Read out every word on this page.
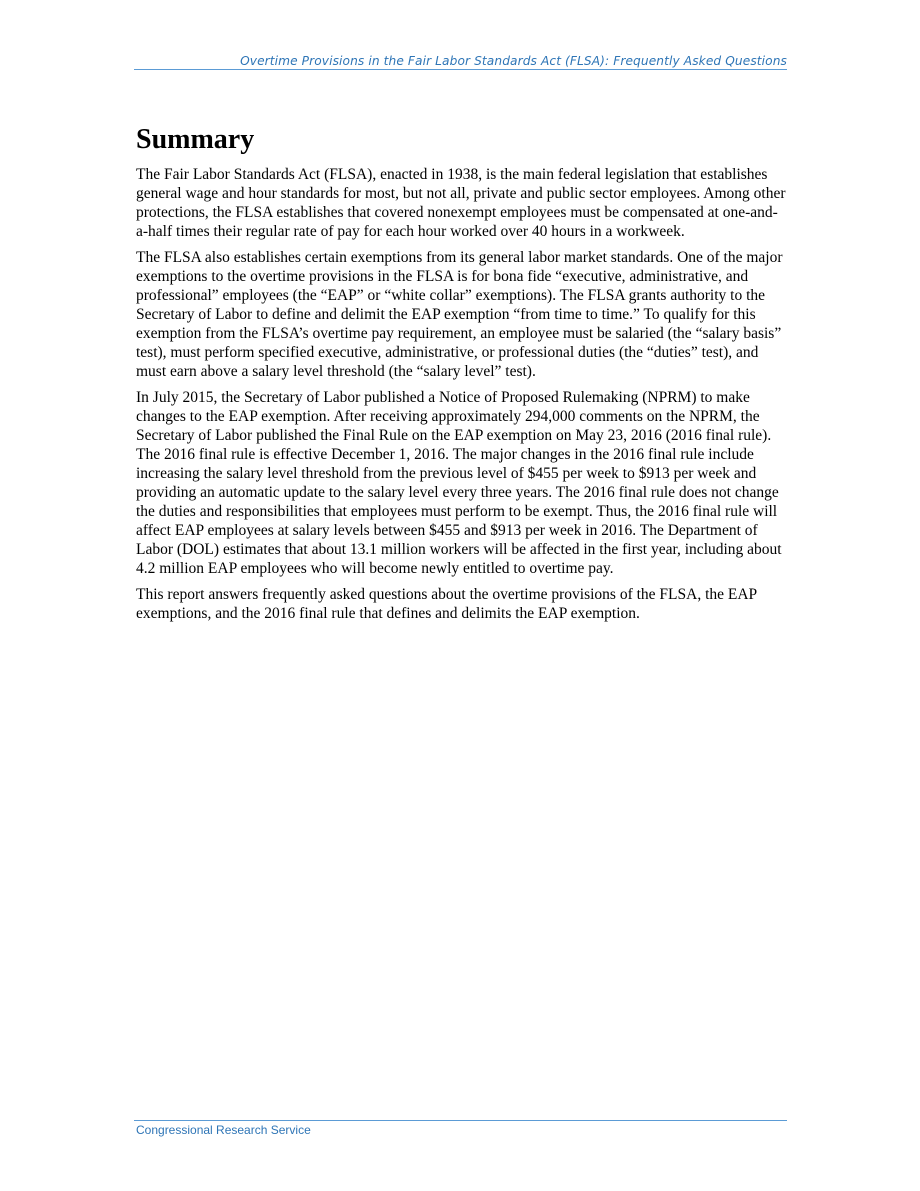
Overtime Provisions in the Fair Labor Standards Act (FLSA): Frequently Asked Questions
Summary

The Fair Labor Standards Act (FLSA), enacted in 1938, is the main federal legislation that establishes general wage and hour standards for most, but not all, private and public sector employees. Among other protections, the FLSA establishes that covered nonexempt employees must be compensated at one-and-a-half times their regular rate of pay for each hour worked over 40 hours in a workweek.

The FLSA also establishes certain exemptions from its general labor market standards. One of the major exemptions to the overtime provisions in the FLSA is for bona fide “executive, administrative, and professional” employees (the “EAP” or “white collar” exemptions). The FLSA grants authority to the Secretary of Labor to define and delimit the EAP exemption “from time to time.” To qualify for this exemption from the FLSA’s overtime pay requirement, an employee must be salaried (the “salary basis” test), must perform specified executive, administrative, or professional duties (the “duties” test), and must earn above a salary level threshold (the “salary level” test).

In July 2015, the Secretary of Labor published a Notice of Proposed Rulemaking (NPRM) to make changes to the EAP exemption. After receiving approximately 294,000 comments on the NPRM, the Secretary of Labor published the Final Rule on the EAP exemption on May 23, 2016 (2016 final rule). The 2016 final rule is effective December 1, 2016. The major changes in the 2016 final rule include increasing the salary level threshold from the previous level of $455 per week to $913 per week and providing an automatic update to the salary level every three years. The 2016 final rule does not change the duties and responsibilities that employees must perform to be exempt. Thus, the 2016 final rule will affect EAP employees at salary levels between $455 and $913 per week in 2016. The Department of Labor (DOL) estimates that about 13.1 million workers will be affected in the first year, including about 4.2 million EAP employees who will become newly entitled to overtime pay.

This report answers frequently asked questions about the overtime provisions of the FLSA, the EAP exemptions, and the 2016 final rule that defines and delimits the EAP exemption.

Congressional Research Service
